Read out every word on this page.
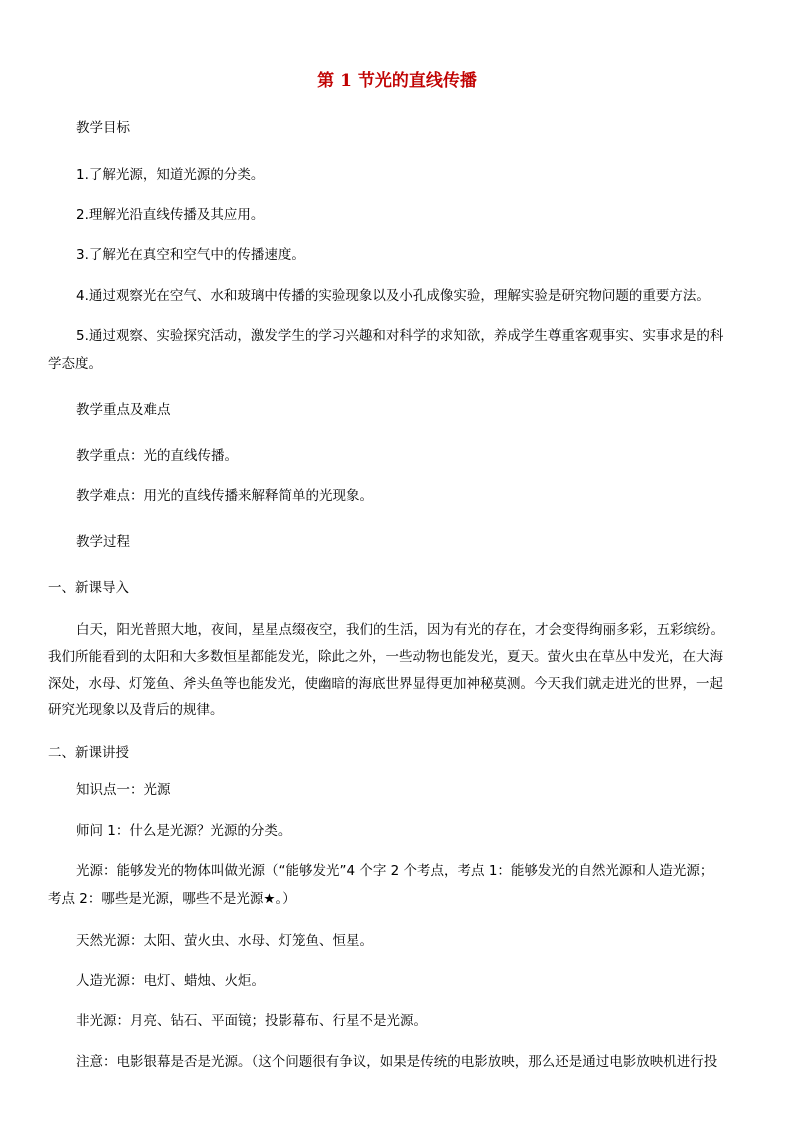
第 1 节光的直线传播
教学目标
1.了解光源，知道光源的分类。
2.理解光沿直线传播及其应用。
3.了解光在真空和空气中的传播速度。
4.通过观察光在空气、水和玻璃中传播的实验现象以及小孔成像实验，理解实验是研究物问题的重要方法。
5.通过观察、实验探究活动，激发学生的学习兴趣和对科学的求知欲，养成学生尊重客观事实、实事求是的科
学态度。
教学重点及难点
教学重点：光的直线传播。
教学难点：用光的直线传播来解释简单的光现象。
教学过程
一、新课导入
白天，阳光普照大地，夜间，星星点缀夜空，我们的生活，因为有光的存在，才会变得绚丽多彩，五彩缤纷。
我们所能看到的太阳和大多数恒星都能发光，除此之外，一些动物也能发光，夏天。萤火虫在草丛中发光，在大海
深处，水母、灯笼鱼、斧头鱼等也能发光，使幽暗的海底世界显得更加神秘莫测。今天我们就走进光的世界，一起
研究光现象以及背后的规律。
二、新课讲授
知识点一：光源
师问 1：什么是光源？光源的分类。
光源：能够发光的物体叫做光源（“能够发光”4 个字 2 个考点，考点 1：能够发光的自然光源和人造光源；
考点 2：哪些是光源，哪些不是光源★。）
天然光源：太阳、萤火虫、水母、灯笼鱼、恒星。
人造光源：电灯、蜡烛、火炬。
非光源：月亮、钻石、平面镜；投影幕布、行星不是光源。
注意：电影银幕是否是光源。（这个问题很有争议，如果是传统的电影放映，那么还是通过电影放映机进行投
